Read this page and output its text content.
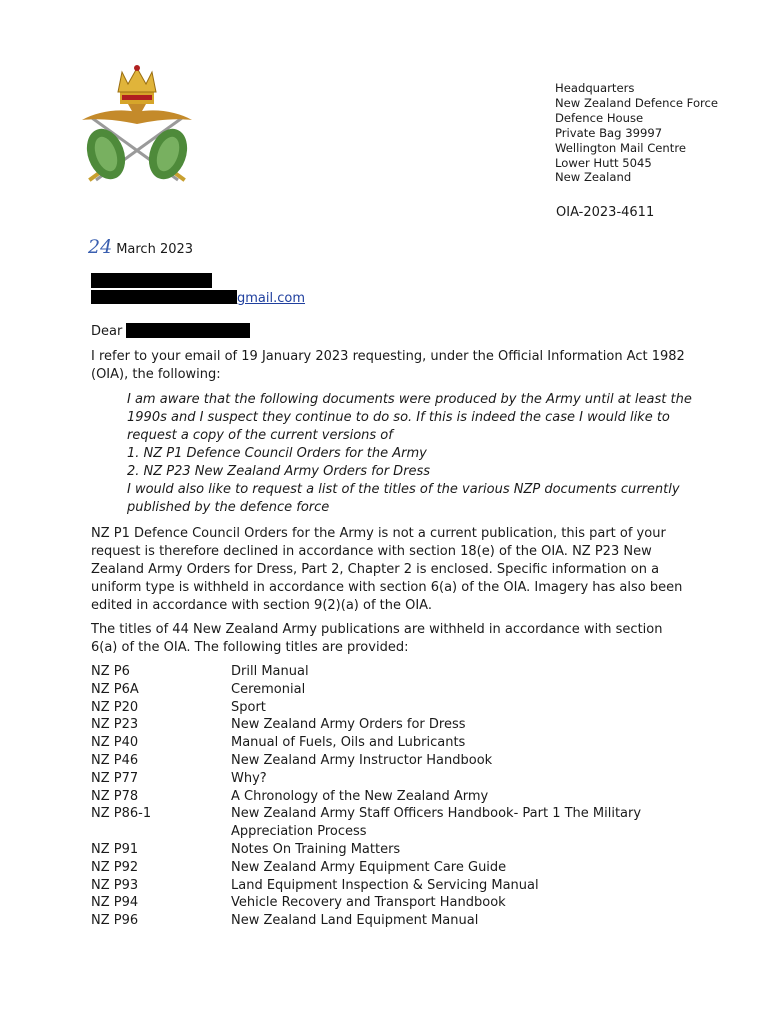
Headquarters
New Zealand Defence Force
Defence House
Private Bag 39997
Wellington Mail Centre
Lower Hutt 5045
New Zealand
OIA-2023-4611
24 March 2023
gmail.com
Dear
I refer to your email of 19 January 2023 requesting, under the Official Information Act 1982 (OIA), the following:
I am aware that the following documents were produced by the Army until at least the
1990s and I suspect they continue to do so. If this is indeed the case I would like to
request a copy of the current versions of
1. NZ P1 Defence Council Orders for the Army
2. NZ P23 New Zealand Army Orders for Dress
I would also like to request a list of the titles of the various NZP documents currently
published by the defence force
NZ P1 Defence Council Orders for the Army is not a current publication, this part of your request is therefore declined in accordance with section 18(e) of the OIA. NZ P23 New Zealand Army Orders for Dress, Part 2, Chapter 2 is enclosed. Specific information on a uniform type is withheld in accordance with section 6(a) of the OIA. Imagery has also been edited in accordance with section 9(2)(a) of the OIA.
The titles of 44 New Zealand Army publications are withheld in accordance with section 6(a) of the OIA. The following titles are provided:
NZ P6	Drill Manual
NZ P6A	Ceremonial
NZ P20	Sport
NZ P23	New Zealand Army Orders for Dress
NZ P40	Manual of Fuels, Oils and Lubricants
NZ P46	New Zealand Army Instructor Handbook
NZ P77	Why?
NZ P78	A Chronology of the New Zealand Army
NZ P86-1	New Zealand Army Staff Officers Handbook- Part 1 The Military Appreciation Process
NZ P91	Notes On Training Matters
NZ P92	New Zealand Army Equipment Care Guide
NZ P93	Land Equipment Inspection & Servicing Manual
NZ P94	Vehicle Recovery and Transport Handbook
NZ P96	New Zealand Land Equipment Manual
